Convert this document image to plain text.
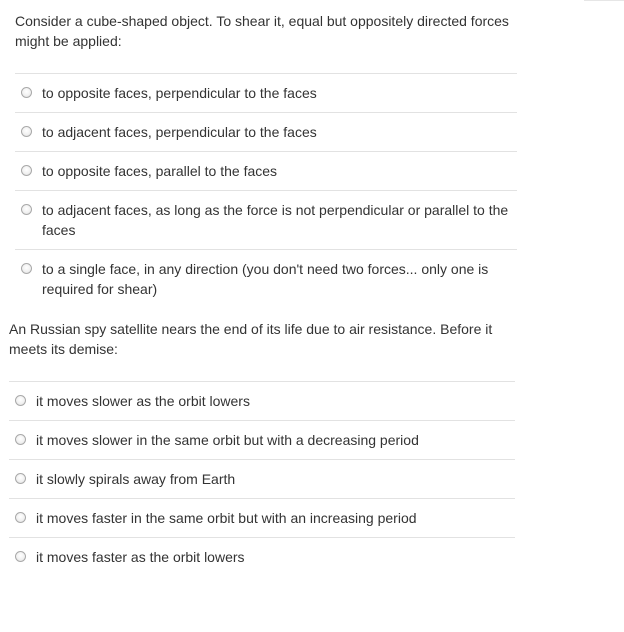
Consider a cube-shaped object. To shear it, equal but oppositely directed forces might be applied:

to opposite faces, perpendicular to the faces
to adjacent faces, perpendicular to the faces
to opposite faces, parallel to the faces
to adjacent faces, as long as the force is not perpendicular or parallel to the faces
to a single face, in any direction (you don't need two forces... only one is required for shear)

An Russian spy satellite nears the end of its life due to air resistance. Before it meets its demise:

it moves slower as the orbit lowers
it moves slower in the same orbit but with a decreasing period
it slowly spirals away from Earth
it moves faster in the same orbit but with an increasing period
it moves faster as the orbit lowers
